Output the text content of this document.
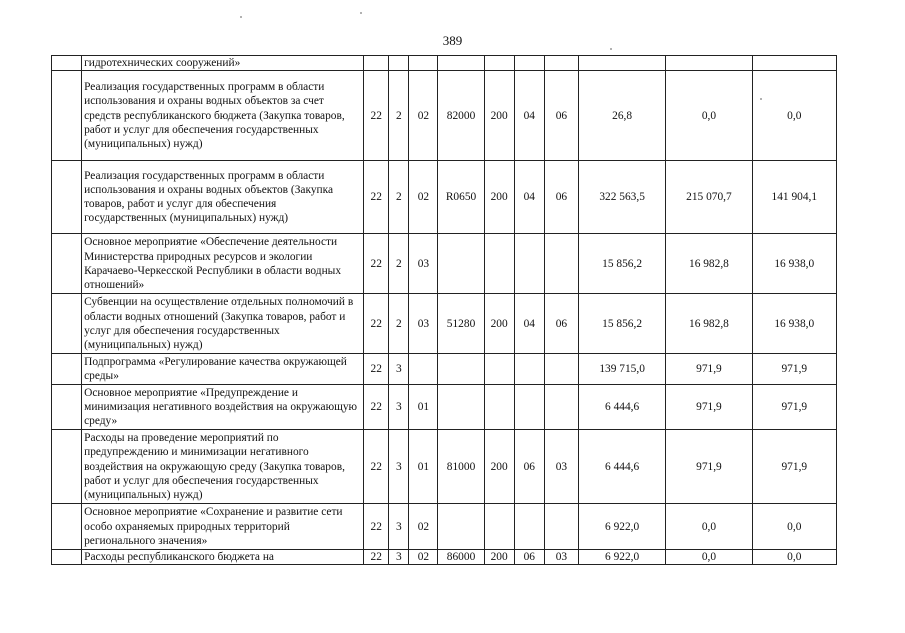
389
	гидротехнических сооружений»										
	Реализация государственных программ в области использования и охраны водных объектов за счет средств республиканского бюджета (Закупка товаров, работ и услуг для обеспечения государственных (муниципальных) нужд)	22	2	02	82000	200	04	06	26,8	0,0	0,0
	Реализация государственных программ в области использования и охраны водных объектов (Закупка товаров, работ и услуг для обеспечения государственных (муниципальных) нужд)	22	2	02	R0650	200	04	06	322 563,5	215 070,7	141 904,1
	Основное мероприятие «Обеспечение деятельности Министерства природных ресурсов и экологии Карачаево-Черкесской Республики в области водных отношений»	22	2	03					15 856,2	16 982,8	16 938,0
	Субвенции на осуществление отдельных полномочий в области водных отношений (Закупка товаров, работ и услуг для обеспечения государственных (муниципальных) нужд)	22	2	03	51280	200	04	06	15 856,2	16 982,8	16 938,0
	Подпрограмма «Регулирование качества окружающей среды»	22	3						139 715,0	971,9	971,9
	Основное мероприятие «Предупреждение и минимизация негативного воздействия на окружающую среду»	22	3	01					6 444,6	971,9	971,9
	Расходы на проведение мероприятий по предупреждению и минимизации негативного воздействия на окружающую среду (Закупка товаров, работ и услуг для обеспечения государственных (муниципальных) нужд)	22	3	01	81000	200	06	03	6 444,6	971,9	971,9
	Основное мероприятие «Сохранение и развитие сети особо охраняемых природных территорий регионального значения»	22	3	02					6 922,0	0,0	0,0
	Расходы республиканского бюджета на	22	3	02	86000	200	06	03	6 922,0	0,0	0,0
